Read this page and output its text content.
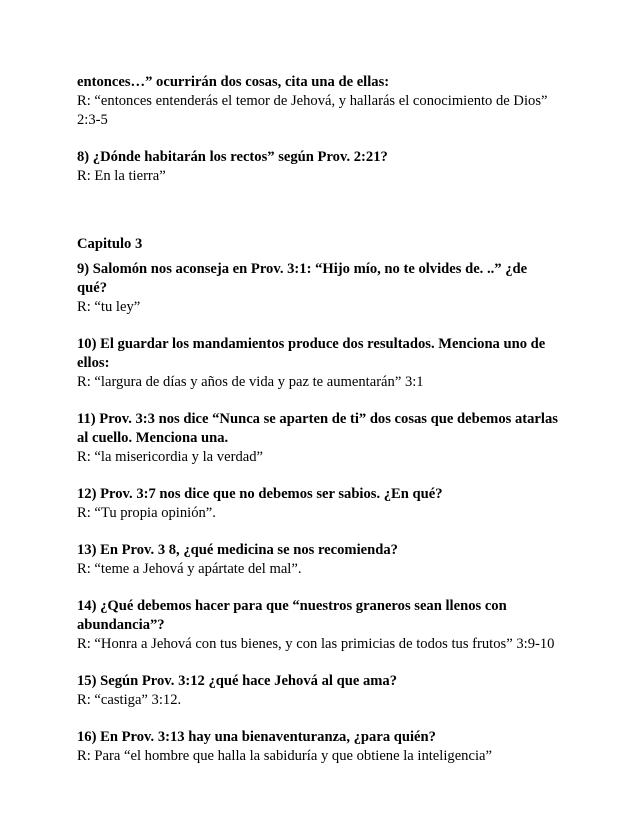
entonces…” ocurrirán dos cosas, cita una de ellas:
R: “entonces entenderás el temor de Jehová, y hallarás el conocimiento de Dios”
2:3-5
8) ¿Dónde habitarán los rectos” según Prov. 2:21?
R: En la tierra”
Capitulo 3
9) Salomón nos aconseja en Prov. 3:1: “Hijo mío, no te olvides de. ..” ¿de
qué?
R: “tu ley”
10) El guardar los mandamientos produce dos resultados. Menciona uno de
ellos:
R: “largura de días y años de vida y paz te aumentarán” 3:1
11) Prov. 3:3 nos dice “Nunca se aparten de ti” dos cosas que debemos atarlas
al cuello. Menciona una.
R: “la misericordia y la verdad”
12) Prov. 3:7 nos dice que no debemos ser sabios. ¿En qué?
R: “Tu propia opinión”.
13) En Prov. 3 8, ¿qué medicina se nos recomienda?
R: “teme a Jehová y apártate del mal”.
14) ¿Qué debemos hacer para que “nuestros graneros sean llenos con
abundancia”?
R: “Honra a Jehová con tus bienes, y con las primicias de todos tus frutos” 3:9-10
15) Según Prov. 3:12 ¿qué hace Jehová al que ama?
R: “castiga” 3:12.
16) En Prov. 3:13 hay una bienaventuranza, ¿para quién?
R: Para “el hombre que halla la sabiduría y que obtiene la inteligencia”
